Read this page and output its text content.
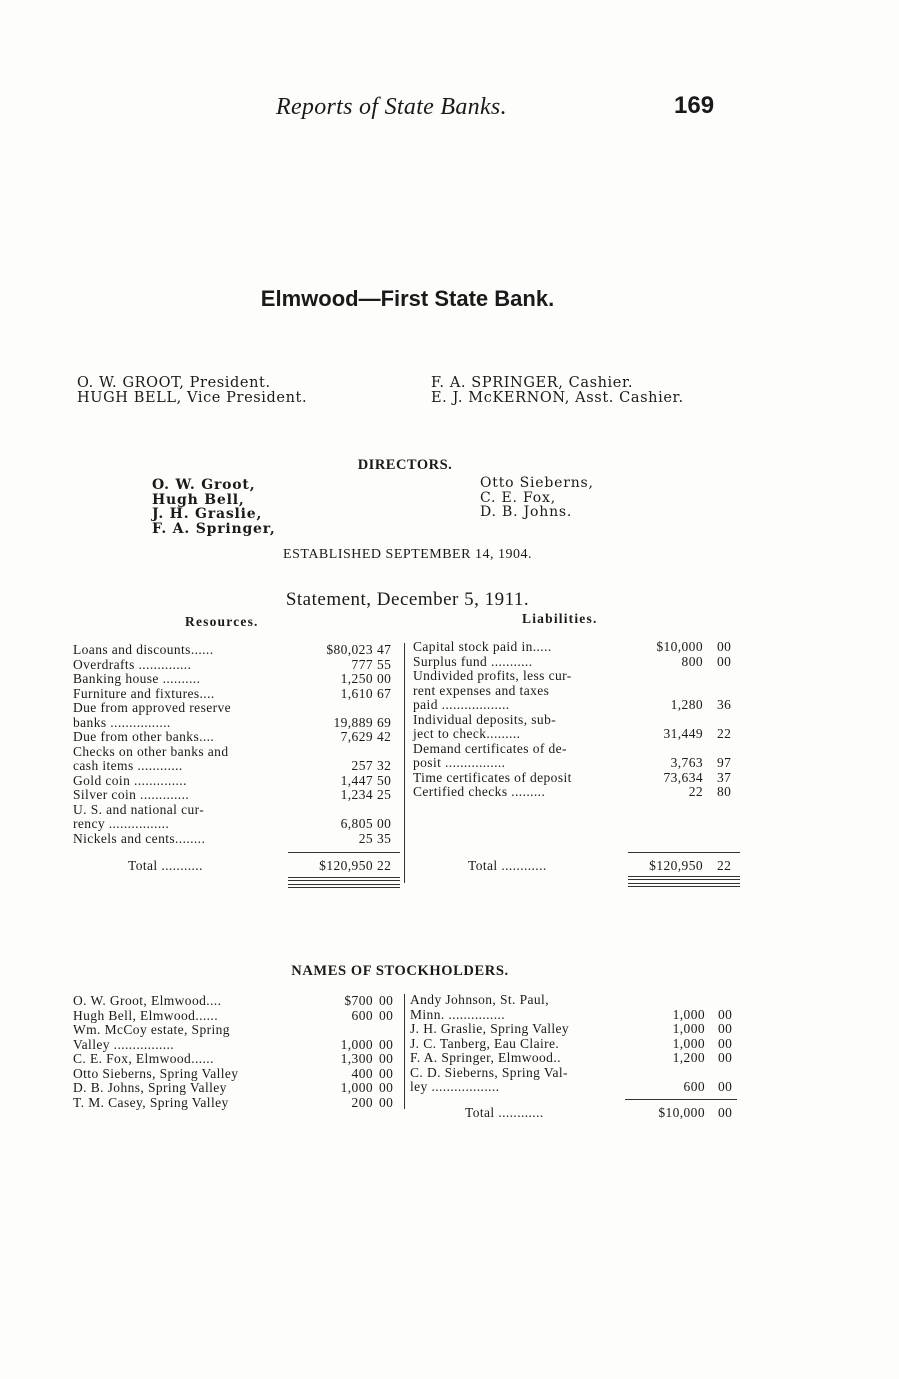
Reports of State Banks.	169
Elmwood—First State Bank.
O. W. GROOT, President.
HUGH BELL, Vice President.
F. A. SPRINGER, Cashier.
E. J. McKERNON, Asst. Cashier.
DIRECTORS.
O. W. Groot,
Hugh Bell,
J. H. Graslie,
F. A. Springer,
Otto Sieberns,
C. E. Fox,
D. B. Johns.
ESTABLISHED SEPTEMBER 14, 1904.
Statement, December 5, 1911.
Resources.	Liabilities.
Loans and discounts......	$80,023 47
Overdrafts ..............	777 55
Banking house ..........	1,250 00
Furniture and fixtures....	1,610 67
Due from approved reserve
banks ................	19,889 69
Due from other banks....	7,629 42
Checks on other banks and
cash items ............	257 32
Gold coin ..............	1,447 50
Silver coin .............	1,234 25
U. S. and national cur-
rency ................	6,805 00
Nickels and cents........	25 35
Total ...........	$120,950 22
Capital stock paid in.....	$10,000 00
Surplus fund ...........	800 00
Undivided profits, less cur-
rent expenses and taxes
paid ..................	1,280 36
Individual deposits, sub-
ject to check.........	31,449 22
Demand certificates of de-
posit ................	3,763 97
Time certificates of deposit	73,634 37
Certified checks .........	22 80
Total ............	$120,950 22
NAMES OF STOCKHOLDERS.
O. W. Groot, Elmwood....	$700 00
Hugh Bell, Elmwood......	600 00
Wm. McCoy estate, Spring
Valley ................	1,000 00
C. E. Fox, Elmwood......	1,300 00
Otto Sieberns, Spring Valley	400 00
D. B. Johns, Spring Valley	1,000 00
T. M. Casey, Spring Valley	200 00
Andy Johnson, St. Paul,
Minn. ...............	1,000 00
J. H. Graslie, Spring Valley	1,000 00
J. C. Tanberg, Eau Claire.	1,000 00
F. A. Springer, Elmwood..	1,200 00
C. D. Sieberns, Spring Val-
ley ..................	600 00
Total ............	$10,000 00
